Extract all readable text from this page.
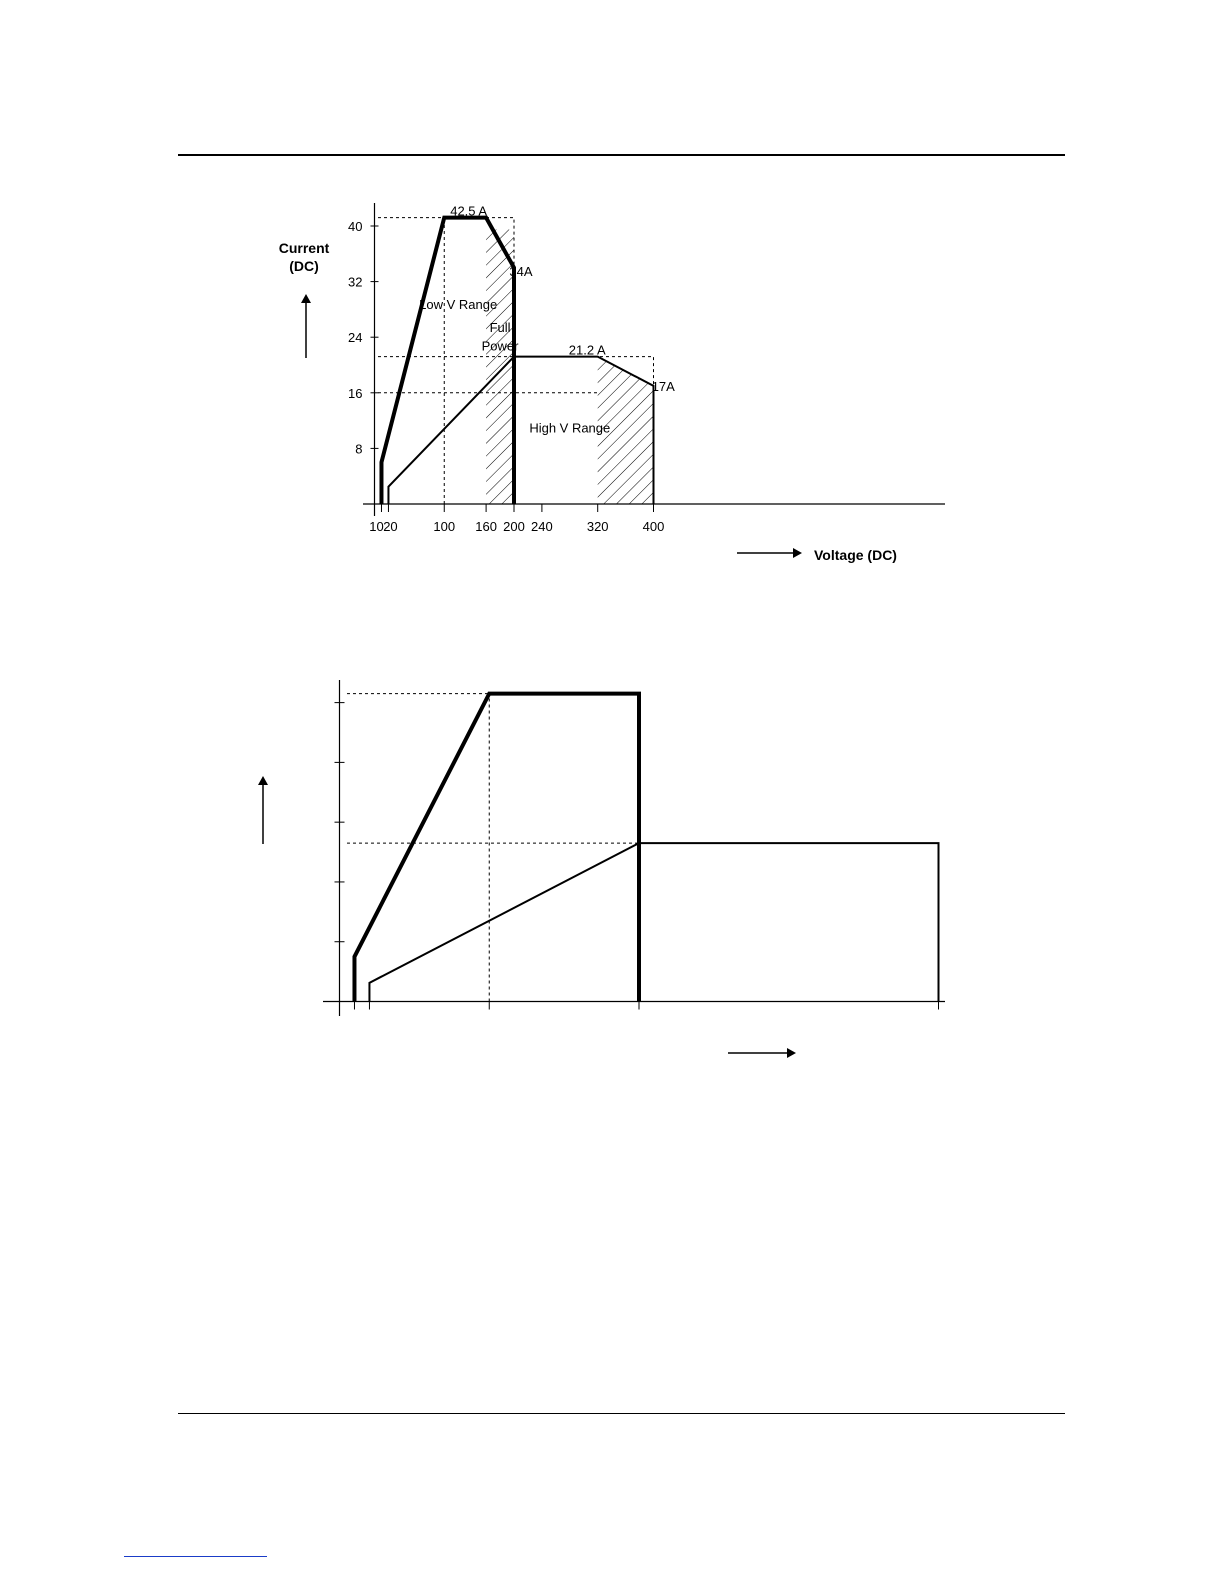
8
16
24
32
40
10 20	100 160 200 240	320	400
42.5 A
34A
Low V Range
Full
Power	21.2 A
17A
High V Range
Voltage (DC)
Current
(DC)
